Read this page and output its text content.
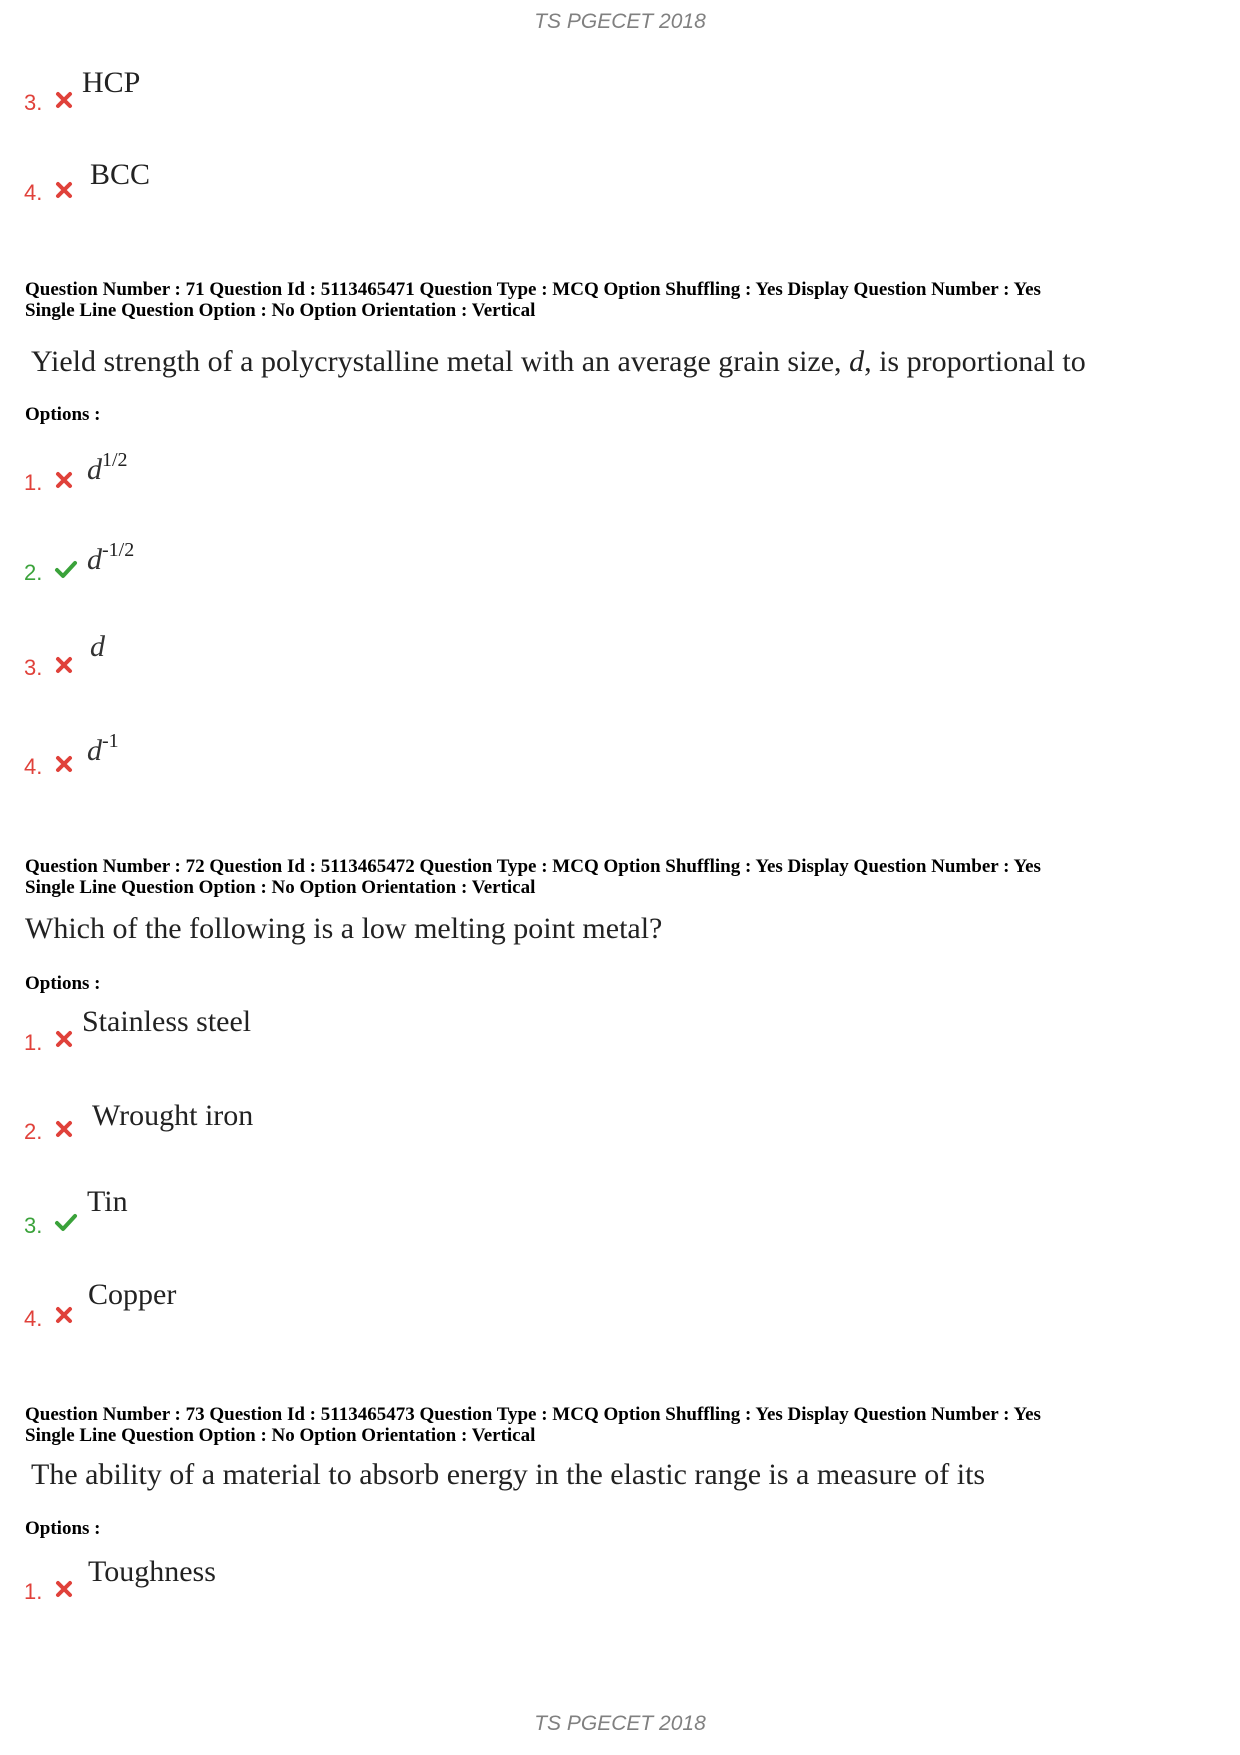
TS PGECET 2018
3.
HCP
4.
BCC
Question Number : 71 Question Id : 5113465471 Question Type : MCQ Option Shuffling : Yes Display Question Number : Yes
Single Line Question Option : No Option Orientation : Vertical
Yield strength of a polycrystalline metal with an average grain size, d, is proportional to
Options :
1. $d^{1/2}$
2. $d^{-1/2}$
3.
d
4. $d^{-1}$
Question Number : 72 Question Id : 5113465472 Question Type : MCQ Option Shuffling : Yes Display Question Number : Yes
Single Line Question Option : No Option Orientation : Vertical
Which of the following is a low melting point metal?
Options :
1.
Stainless steel
2. Wrought iron
3.
Tin
4.
Copper
Question Number : 73 Question Id : 5113465473 Question Type : MCQ Option Shuffling : Yes Display Question Number : Yes
Single Line Question Option : No Option Orientation : Vertical
The ability of a material to absorb energy in the elastic range is a measure of its
Options :
1.
Toughness
TS PGECET 2018
